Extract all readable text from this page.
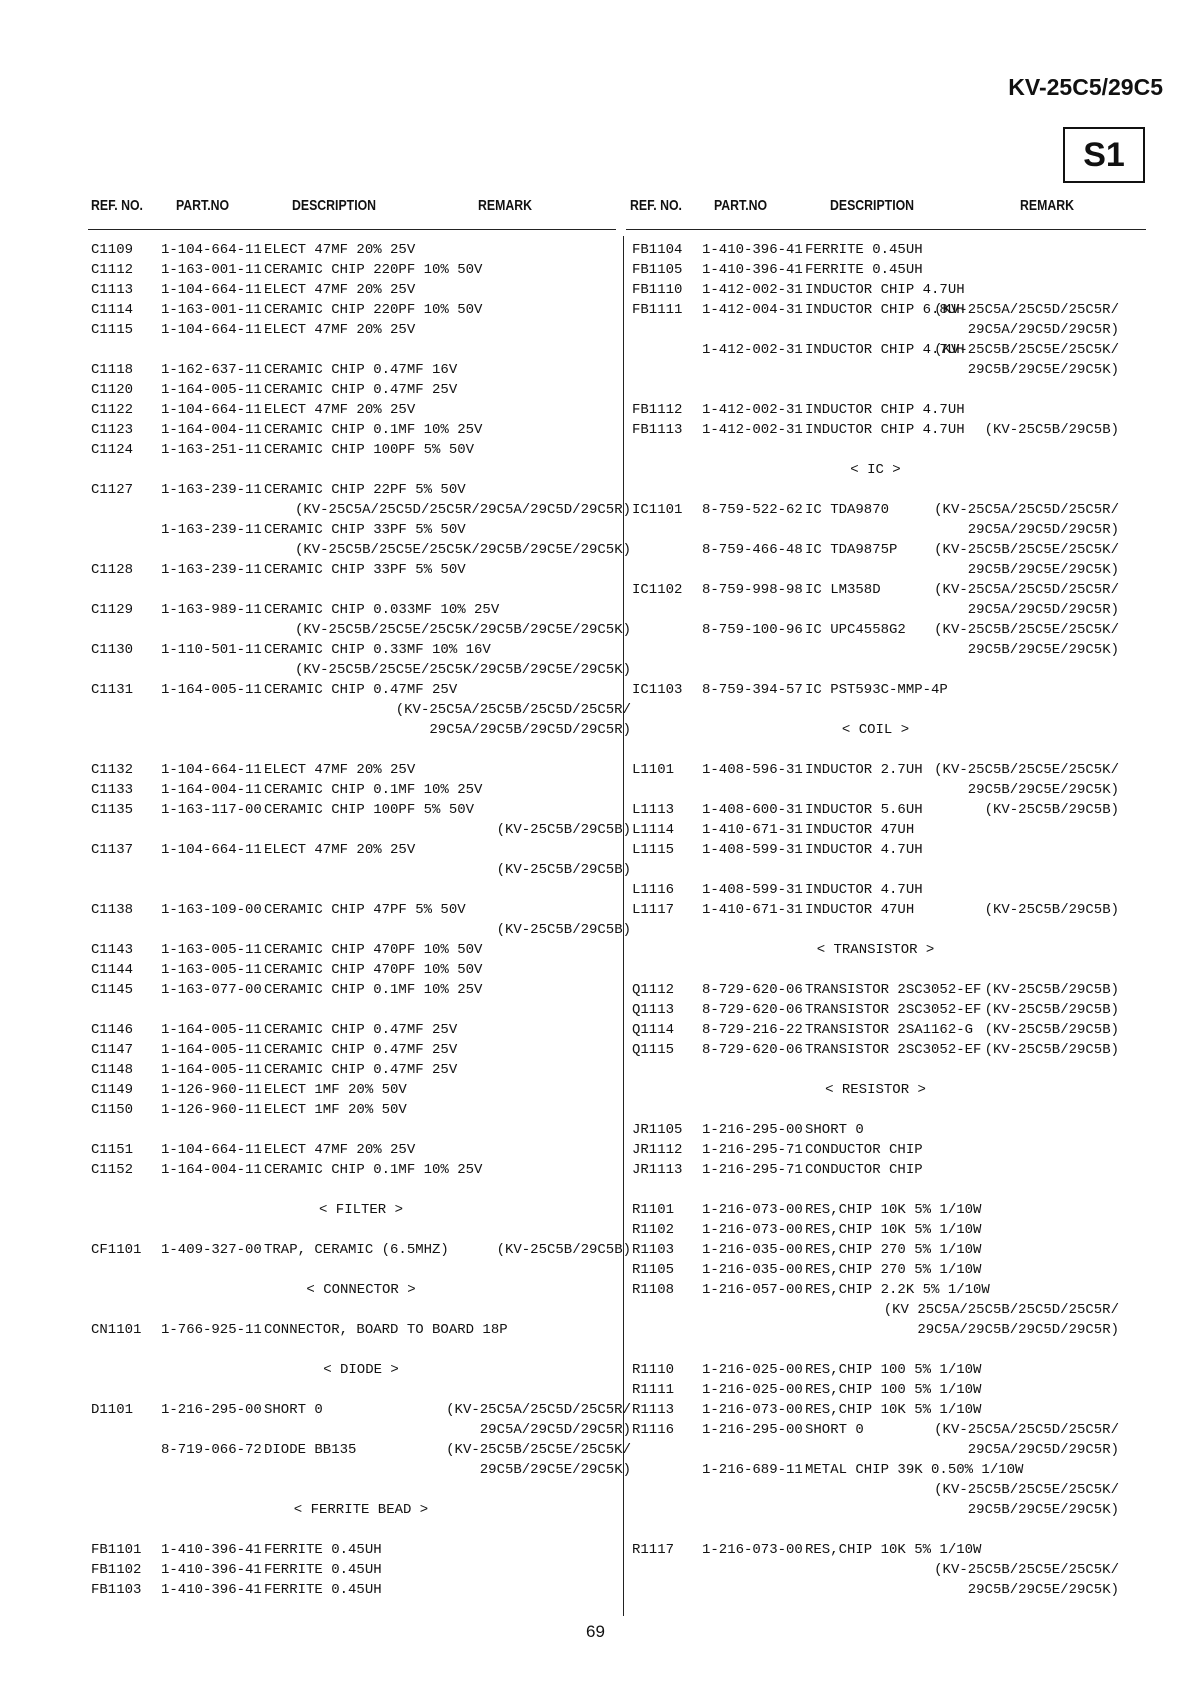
KV-25C5/29C5
S1
REF. NO. PART.NO	DESCRIPTION	REMARK	REF. NO. PART.NO	DESCRIPTION	REMARK
C1109 1-104-664-11 ELECT 47MF 20% 25V
C1112 1-163-001-11 CERAMIC CHIP 220PF 10% 50V
C1113 1-104-664-11 ELECT 47MF 20% 25V
C1114 1-163-001-11 CERAMIC CHIP 220PF 10% 50V
C1115 1-104-664-11 ELECT 47MF 20% 25V
C1118 1-162-637-11 CERAMIC CHIP 0.47MF 16V
C1120 1-164-005-11 CERAMIC CHIP 0.47MF 25V
C1122 1-104-664-11 ELECT 47MF 20% 25V
C1123 1-164-004-11 CERAMIC CHIP 0.1MF 10% 25V
C1124 1-163-251-11 CERAMIC CHIP 100PF 5% 50V
C1127 1-163-239-11 CERAMIC CHIP 22PF 5% 50V
(KV-25C5A/25C5D/25C5R/29C5A/29C5D/29C5R)
1-163-239-11 CERAMIC CHIP 33PF 5% 50V
(KV-25C5B/25C5E/25C5K/29C5B/29C5E/29C5K)
C1128 1-163-239-11 CERAMIC CHIP 33PF 5% 50V
C1129 1-163-989-11 CERAMIC CHIP 0.033MF 10% 25V
(KV-25C5B/25C5E/25C5K/29C5B/29C5E/29C5K)
C1130 1-110-501-11 CERAMIC CHIP 0.33MF 10% 16V
(KV-25C5B/25C5E/25C5K/29C5B/29C5E/29C5K)
C1131 1-164-005-11 CERAMIC CHIP 0.47MF 25V
(KV-25C5A/25C5B/25C5D/25C5R/
29C5A/29C5B/29C5D/29C5R)
C1132 1-104-664-11 ELECT 47MF 20% 25V
C1133 1-164-004-11 CERAMIC CHIP 0.1MF 10% 25V
C1135 1-163-117-00 CERAMIC CHIP 100PF 5% 50V
(KV-25C5B/29C5B)
C1137 1-104-664-11 ELECT 47MF 20% 25V
(KV-25C5B/29C5B)
C1138 1-163-109-00 CERAMIC CHIP 47PF 5% 50V
(KV-25C5B/29C5B)
C1143 1-163-005-11 CERAMIC CHIP 470PF 10% 50V
C1144 1-163-005-11 CERAMIC CHIP 470PF 10% 50V
C1145 1-163-077-00 CERAMIC CHIP 0.1MF 10% 25V
C1146 1-164-005-11 CERAMIC CHIP 0.47MF 25V
C1147 1-164-005-11 CERAMIC CHIP 0.47MF 25V
C1148 1-164-005-11 CERAMIC CHIP 0.47MF 25V
C1149 1-126-960-11 ELECT 1MF 20% 50V
C1150 1-126-960-11 ELECT 1MF 20% 50V
C1151 1-104-664-11 ELECT 47MF 20% 25V
C1152 1-164-004-11 CERAMIC CHIP 0.1MF 10% 25V
< FILTER >
CF1101 1-409-327-00 TRAP, CERAMIC (6.5MHZ)	(KV-25C5B/29C5B)
< CONNECTOR >
CN1101 1-766-925-11 CONNECTOR, BOARD TO BOARD 18P
< DIODE >
D1101 1-216-295-00 SHORT 0	(KV-25C5A/25C5D/25C5R/
29C5A/29C5D/29C5R)
8-719-066-72 DIODE BB135	(KV-25C5B/25C5E/25C5K/
29C5B/29C5E/29C5K)
< FERRITE BEAD >
FB1101 1-410-396-41 FERRITE 0.45UH
FB1102 1-410-396-41 FERRITE 0.45UH
FB1103 1-410-396-41 FERRITE 0.45UH
FB1104 1-410-396-41 FERRITE 0.45UH
FB1105 1-410-396-41 FERRITE 0.45UH
FB1110 1-412-002-31 INDUCTOR CHIP 4.7UH
FB1111 1-412-004-31 INDUCTOR CHIP 6.8UH
(KV-25C5A/25C5D/25C5R/
29C5A/29C5D/29C5R)
1-412-002-31 INDUCTOR CHIP 4.7UH
(KV-25C5B/25C5E/25C5K/
29C5B/29C5E/29C5K)
FB1112 1-412-002-31 INDUCTOR CHIP 4.7UH
FB1113 1-412-002-31 INDUCTOR CHIP 4.7UH (KV-25C5B/29C5B)
< IC >
IC1101 8-759-522-62 IC TDA9870	(KV-25C5A/25C5D/25C5R/
29C5A/29C5D/29C5R)
8-759-466-48 IC TDA9875P	(KV-25C5B/25C5E/25C5K/
29C5B/29C5E/29C5K)
IC1102 8-759-998-98 IC LM358D	(KV-25C5A/25C5D/25C5R/
29C5A/29C5D/29C5R)
8-759-100-96 IC UPC4558G2 (KV-25C5B/25C5E/25C5K/
29C5B/29C5E/29C5K)
IC1103 8-759-394-57 IC PST593C-MMP-4P
< COIL >
L1101 1-408-596-31 INDUCTOR 2.7UH (KV-25C5B/25C5E/25C5K/
29C5B/29C5E/29C5K)
L1113 1-408-600-31 INDUCTOR 5.6UH	(KV-25C5B/29C5B)
L1114 1-410-671-31 INDUCTOR 47UH
L1115 1-408-599-31 INDUCTOR 4.7UH
L1116 1-408-599-31 INDUCTOR 4.7UH
L1117 1-410-671-31 INDUCTOR 47UH	(KV-25C5B/29C5B)
< TRANSISTOR >
Q1112 8-729-620-06 TRANSISTOR 2SC3052-EF (KV-25C5B/29C5B)
Q1113 8-729-620-06 TRANSISTOR 2SC3052-EF (KV-25C5B/29C5B)
Q1114 8-729-216-22 TRANSISTOR 2SA1162-G (KV-25C5B/29C5B)
Q1115 8-729-620-06 TRANSISTOR 2SC3052-EF (KV-25C5B/29C5B)
< RESISTOR >
JR1105 1-216-295-00 SHORT 0
JR1112 1-216-295-71 CONDUCTOR CHIP
JR1113 1-216-295-71 CONDUCTOR CHIP
R1101 1-216-073-00 RES,CHIP 10K 5% 1/10W
R1102 1-216-073-00 RES,CHIP 10K 5% 1/10W
R1103 1-216-035-00 RES,CHIP 270 5% 1/10W
R1105 1-216-035-00 RES,CHIP 270 5% 1/10W
R1108 1-216-057-00 RES,CHIP 2.2K 5% 1/10W
(KV 25C5A/25C5B/25C5D/25C5R/
29C5A/29C5B/29C5D/29C5R)
R1110 1-216-025-00 RES,CHIP 100 5% 1/10W
R1111 1-216-025-00 RES,CHIP 100 5% 1/10W
R1113 1-216-073-00 RES,CHIP 10K 5% 1/10W
R1116 1-216-295-00 SHORT 0	(KV-25C5A/25C5D/25C5R/
29C5A/29C5D/29C5R)
1-216-689-11 METAL CHIP 39K 0.50% 1/10W
(KV-25C5B/25C5E/25C5K/
29C5B/29C5E/29C5K)
R1117 1-216-073-00 RES,CHIP 10K 5% 1/10W
(KV-25C5B/25C5E/25C5K/
29C5B/29C5E/29C5K)
69
